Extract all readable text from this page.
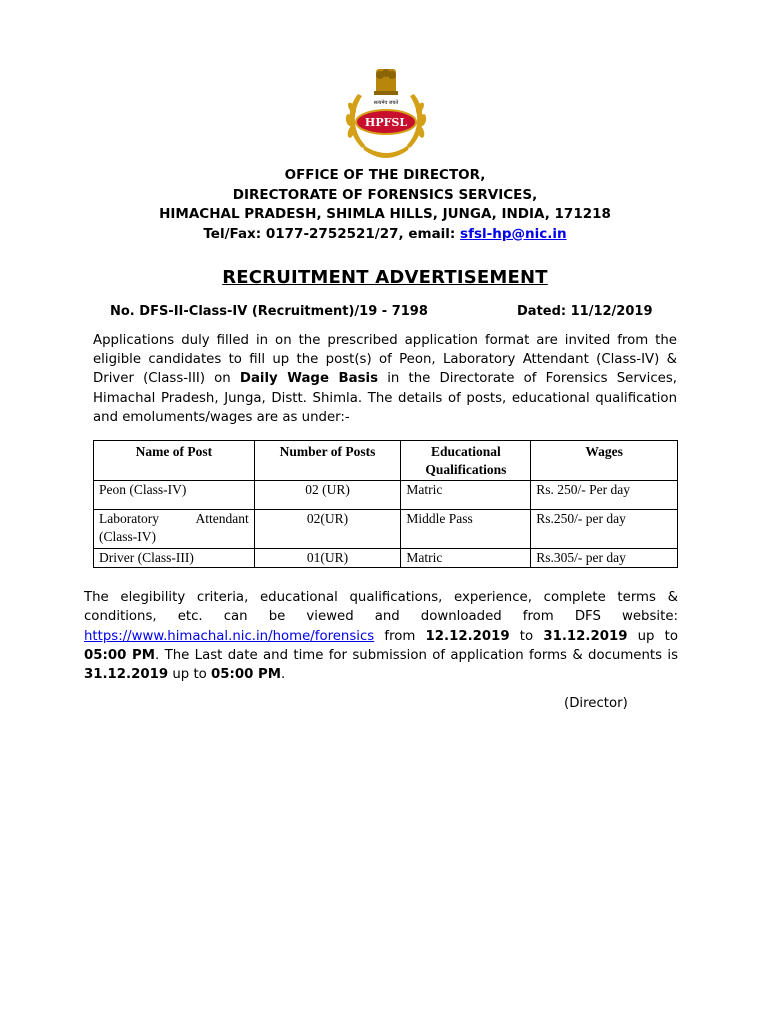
सत्यमेव जयते
HPFSL
OFFICE OF THE DIRECTOR,
DIRECTORATE OF FORENSICS SERVICES,
HIMACHAL PRADESH, SHIMLA HILLS, JUNGA, INDIA, 171218
Tel/Fax: 0177-2752521/27, email: sfsl-hp@nic.in
RECRUITMENT ADVERTISEMENT
No. DFS-II-Class-IV (Recruitment)/19 - 7198	Dated: 11/12/2019
Applications duly filled in on the prescribed application format are invited from the eligible candidates to fill up the post(s) of Peon, Laboratory Attendant (Class-IV) & Driver (Class-III) on Daily Wage Basis in the Directorate of Forensics Services, Himachal Pradesh, Junga, Distt. Shimla. The details of posts, educational qualification and emoluments/wages are as under:-
Name of Post	Number of Posts	Educational Qualifications	Wages
Peon (Class-IV)	02 (UR)	Matric	Rs. 250/- Per day

Laboratory Attendant
(Class-IV)	02(UR)	Middle Pass	Rs.250/- per day
Driver (Class-III)	01(UR)	Matric	Rs.305/- per day
The elegibility criteria, educational qualifications, experience, complete terms & conditions, etc. can be viewed and downloaded from DFS website: https://www.himachal.nic.in/home/forensics from 12.12.2019 to 31.12.2019 up to 05:00 PM. The Last date and time for submission of application forms & documents is 31.12.2019 up to 05:00 PM.
(Director)
